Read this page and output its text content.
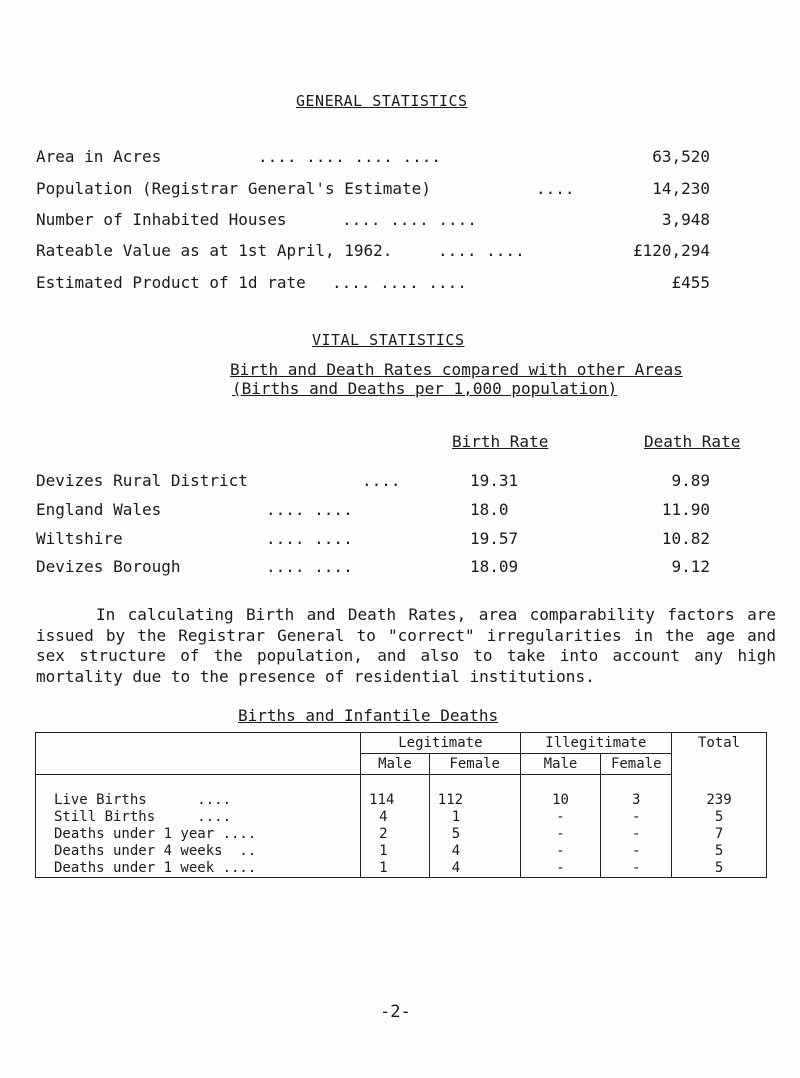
GENERAL STATISTICS
Area in Acres	.... .... .... ....	63,520
Population (Registrar General's Estimate)	....	14,230
Number of Inhabited Houses	.... .... ....	3,948
Rateable Value as at 1st April, 1962.	.... ....	£120,294
Estimated Product of 1d rate .... .... ....	£455
VITAL STATISTICS
Birth and Death Rates compared with other Areas
(Births and Deaths per 1,000 population)
Birth Rate	Death Rate
Devizes Rural District	....	19.31	9.89
England Wales	.... ....	18.0	11.90
Wiltshire	.... ....	19.57	10.82
Devizes Borough	.... ....	18.09	9.12
In calculating Birth and Death Rates, area comparability factors are issued by the Registrar General to "correct" irregularities in the age and sex structure of the population, and also to take into account any high mortality due to the presence of residential institutions.
Births and Infantile Deaths
	Legitimate		Illegitimate		Total
	Male	Female	Male	Female	

Live Births      ....	114	112	10	3	239
Still Births     ....	4	1	-	-	5
Deaths under 1 year ....	2	5	-	-	7
Deaths under 4 weeks  ..	1	4	-	-	5
Deaths under 1 week ....	1	4	-	-	5
-2-
